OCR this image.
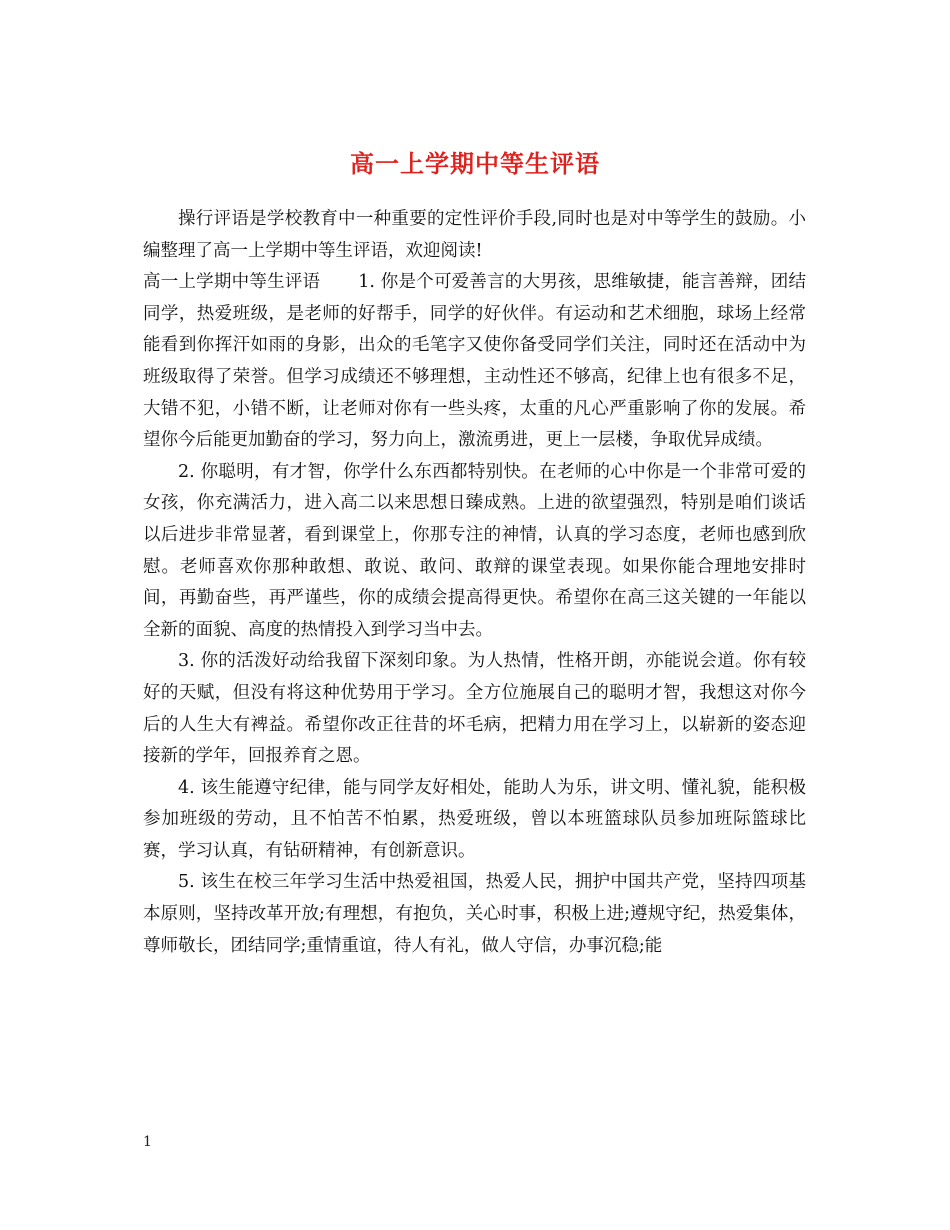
高一上学期中等生评语

操行评语是学校教育中一种重要的定性评价手段,同时也是对中等学生的鼓励。小编整理了高一上学期中等生评语，欢迎阅读!

高一上学期中等生评语 1. 你是个可爱善言的大男孩，思维敏捷，能言善辩，团结同学，热爱班级，是老师的好帮手，同学的好伙伴。有运动和艺术细胞，球场上经常能看到你挥汗如雨的身影，出众的毛笔字又使你备受同学们关注，同时还在活动中为班级取得了荣誉。但学习成绩还不够理想，主动性还不够高，纪律上也有很多不足，大错不犯，小错不断，让老师对你有一些头疼，太重的凡心严重影响了你的发展。希望你今后能更加勤奋的学习，努力向上，激流勇进，更上一层楼，争取优异成绩。

2. 你聪明，有才智，你学什么东西都特别快。在老师的心中你是一个非常可爱的女孩，你充满活力，进入高二以来思想日臻成熟。上进的欲望强烈，特别是咱们谈话以后进步非常显著，看到课堂上，你那专注的神情，认真的学习态度，老师也感到欣慰。老师喜欢你那种敢想、敢说、敢问、敢辩的课堂表现。如果你能合理地安排时间，再勤奋些，再严谨些，你的成绩会提高得更快。希望你在高三这关键的一年能以全新的面貌、高度的热情投入到学习当中去。

3. 你的活泼好动给我留下深刻印象。为人热情，性格开朗，亦能说会道。你有较好的天赋，但没有将这种优势用于学习。全方位施展自己的聪明才智，我想这对你今后的人生大有裨益。希望你改正往昔的坏毛病，把精力用在学习上，以崭新的姿态迎接新的学年，回报养育之恩。

4. 该生能遵守纪律，能与同学友好相处，能助人为乐，讲文明、懂礼貌，能积极参加班级的劳动，且不怕苦不怕累，热爱班级，曾以本班篮球队员参加班际篮球比赛，学习认真，有钻研精神，有创新意识。

5. 该生在校三年学习生活中热爱祖国，热爱人民，拥护中国共产党，坚持四项基本原则，坚持改革开放;有理想，有抱负，关心时事，积极上进;遵规守纪，热爱集体，尊师敬长，团结同学;重情重谊，待人有礼，做人守信，办事沉稳;能

1
